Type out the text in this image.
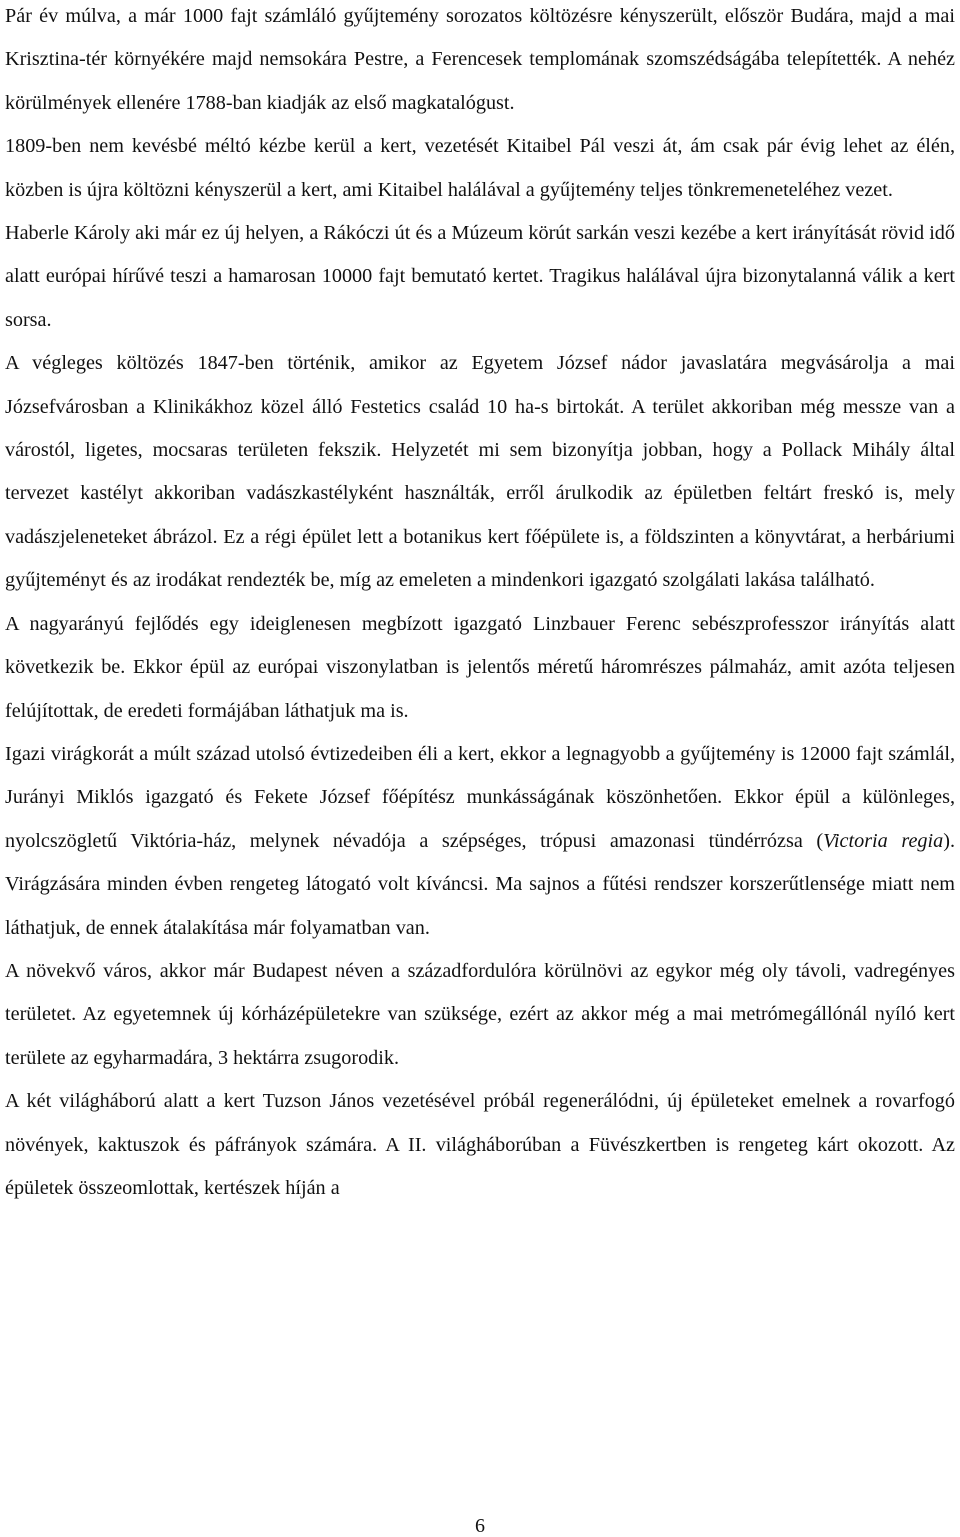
Pár év múlva, a már 1000 fajt számláló gyűjtemény sorozatos költözésre kényszerült, először Budára, majd a mai Krisztina-tér környékére majd nemsokára Pestre, a Ferencesek templomának szomszédságába telepítették. A nehéz körülmények ellenére 1788-ban kiadják az első magkatalógust.

1809-ben nem kevésbé méltó kézbe kerül a kert, vezetését Kitaibel Pál veszi át, ám csak pár évig lehet az élén, közben is újra költözni kényszerül a kert, ami Kitaibel halálával a gyűjtemény teljes tönkremeneteléhez vezet.

Haberle Károly aki már ez új helyen, a Rákóczi út és a Múzeum körút sarkán veszi kezébe a kert irányítását rövid idő alatt európai hírűvé teszi a hamarosan 10000 fajt bemutató kertet. Tragikus halálával újra bizonytalanná válik a kert sorsa.

A végleges költözés 1847-ben történik, amikor az Egyetem József nádor javaslatára megvásárolja a mai Józsefvárosban a Klinikákhoz közel álló Festetics család 10 ha-s birtokát. A terület akkoriban még messze van a várostól, ligetes, mocsaras területen fekszik. Helyzetét mi sem bizonyítja jobban, hogy a Pollack Mihály által tervezet kastélyt akkoriban vadászkastélyként használták, erről árulkodik az épületben feltárt freskó is, mely vadászjeleneteket ábrázol. Ez a régi épület lett a botanikus kert főépülete is, a földszinten a könyvtárat, a herbáriumi gyűjteményt és az irodákat rendezték be, míg az emeleten a mindenkori igazgató szolgálati lakása található.

A nagyarányú fejlődés egy ideiglenesen megbízott igazgató Linzbauer Ferenc sebészprofesszor irányítás alatt következik be. Ekkor épül az európai viszonylatban is jelentős méretű háromrészes pálmaház, amit azóta teljesen felújítottak, de eredeti formájában láthatjuk ma is.

Igazi virágkorát a múlt század utolsó évtizedeiben éli a kert, ekkor a legnagyobb a gyűjtemény is 12000 fajt számlál, Jurányi Miklós igazgató és Fekete József főépítész munkásságának köszönhetően. Ekkor épül a különleges, nyolcszögletű Viktória-ház, melynek névadója a szépséges, trópusi amazonasi tündérrózsa (Victoria regia). Virágzására minden évben rengeteg látogató volt kíváncsi. Ma sajnos a fűtési rendszer korszerűtlensége miatt nem láthatjuk, de ennek átalakítása már folyamatban van.

A növekvő város, akkor már Budapest néven a századfordulóra körülnövi az egykor még oly távoli, vadregényes területet. Az egyetemnek új kórházépületekre van szüksége, ezért az akkor még a mai metrómegállónál nyíló kert területe az egyharmadára, 3 hektárra zsugorodik.

A két világháború alatt a kert Tuzson János vezetésével próbál regenerálódni, új épületeket emelnek a rovarfogó növények, kaktuszok és páfrányok számára. A II. világháborúban a Füvészkertben is rengeteg kárt okozott. Az épületek összeomlottak, kertészek híján a

6
